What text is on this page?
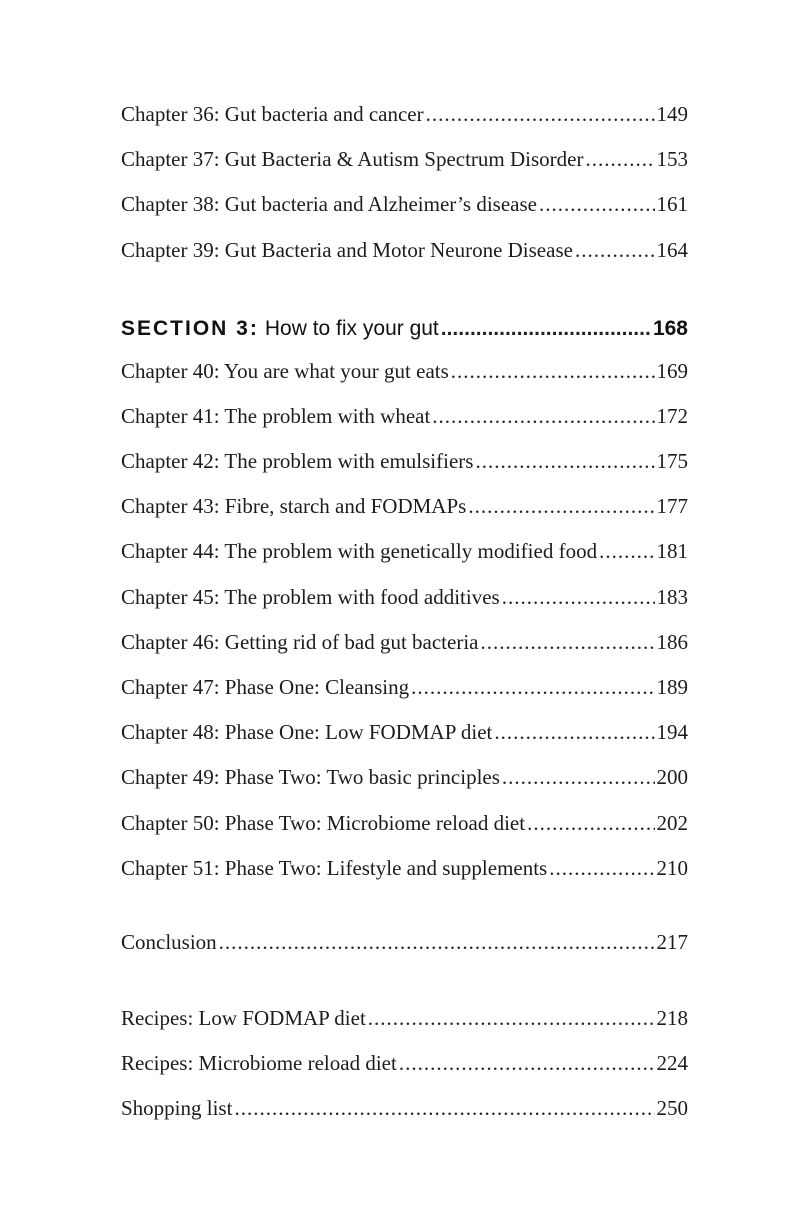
Chapter 36: Gut bacteria and cancer .....	149
Chapter 37: Gut Bacteria & Autism Spectrum Disorder .....	153
Chapter 38: Gut bacteria and Alzheimer’s disease .....	161
Chapter 39: Gut Bacteria and Motor Neurone Disease .....	164
SECTION 3: How to fix your gut .....	168
Chapter 40: You are what your gut eats .....	169
Chapter 41: The problem with wheat .....	172
Chapter 42: The problem with emulsifiers .....	175
Chapter 43: Fibre, starch and FODMAPs .....	177
Chapter 44: The problem with genetically modified food .....	181
Chapter 45: The problem with food additives .....	183
Chapter 46: Getting rid of bad gut bacteria .....	186
Chapter 47: Phase One: Cleansing .....	189
Chapter 48: Phase One: Low FODMAP diet .....	194
Chapter 49: Phase Two: Two basic principles .....	200
Chapter 50: Phase Two: Microbiome reload diet .....	202
Chapter 51: Phase Two: Lifestyle and supplements .....	210
Conclusion .....	217
Recipes: Low FODMAP diet .....	218
Recipes: Microbiome reload diet .....	224
Shopping list .....	250
